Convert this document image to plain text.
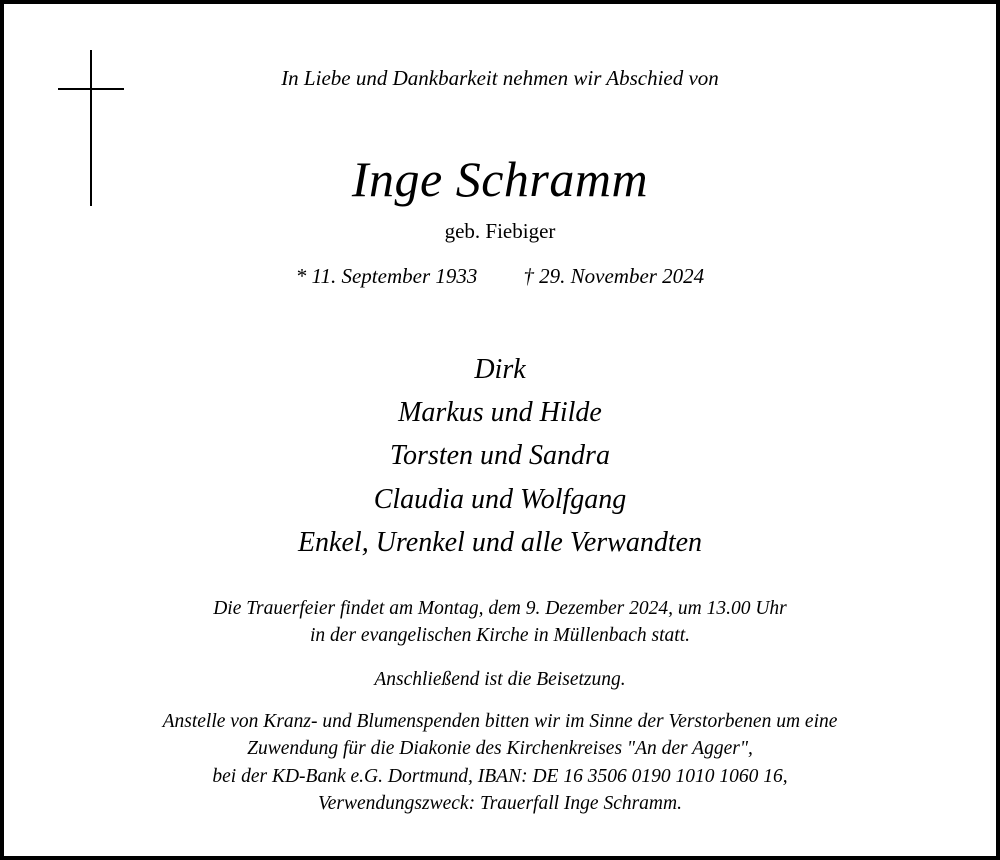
In Liebe und Dankbarkeit nehmen wir Abschied von
Inge Schramm
geb. Fiebiger
* 11. September 1933 † 29. November 2024
Dirk
Markus und Hilde
Torsten und Sandra
Claudia und Wolfgang
Enkel, Urenkel und alle Verwandten
Die Trauerfeier findet am Montag, dem 9. Dezember 2024, um 13.00 Uhr
in der evangelischen Kirche in Müllenbach statt.
Anschließend ist die Beisetzung.
Anstelle von Kranz- und Blumenspenden bitten wir im Sinne der Verstorbenen um eine
Zuwendung für die Diakonie des Kirchenkreises "An der Agger",
bei der KD-Bank e.G. Dortmund, IBAN: DE 16 3506 0190 1010 1060 16,
Verwendungszweck: Trauerfall Inge Schramm.
